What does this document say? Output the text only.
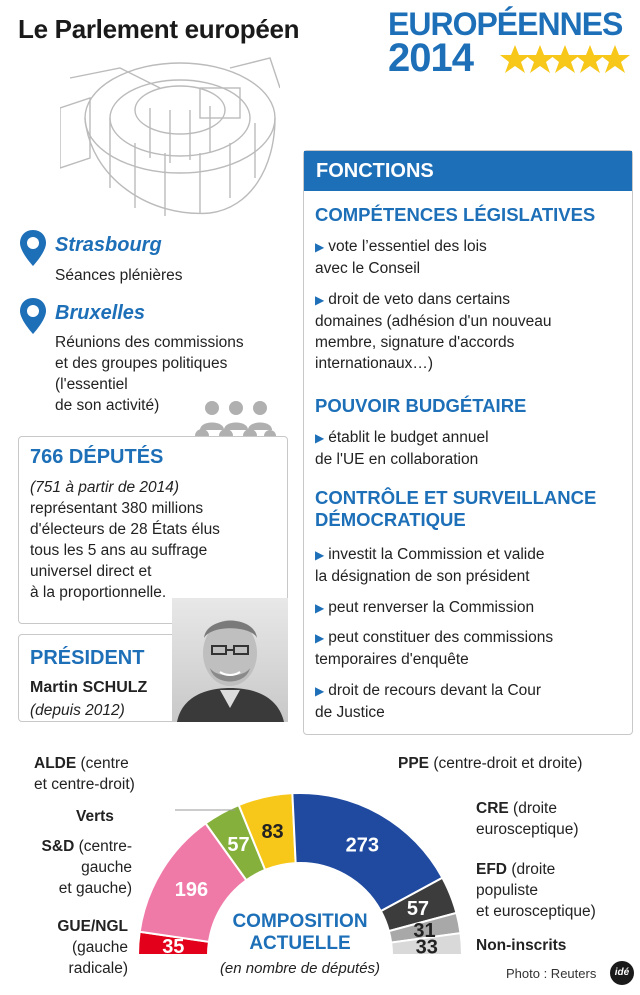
Le Parlement européen	EUROPÉENNES
2014
Strasbourg
Séances plénières
Bruxelles
Réunions des commissions
et des groupes politiques
(l'essentiel
de son activité)
766 DÉPUTÉS
(751 à partir de 2014)
représentant 380 millions
d'électeurs de 28 États élus
tous les 5 ans au suffrage
universel direct et
à la proportionnelle.
PRÉSIDENT
Martin SCHULZ
(depuis 2012)
FONCTIONS
COMPÉTENCES LÉGISLATIVES
▶ vote l’essentiel des lois
avec le Conseil
▶ droit de veto dans certains
domaines (adhésion d'un nouveau
membre, signature d'accords
internationaux…)
POUVOIR BUDGÉTAIRE
▶ établit le budget annuel
de l'UE en collaboration
CONTRÔLE ET SURVEILLANCE
DÉMOCRATIQUE
▶ investit la Commission et valide
la désignation de son président
▶ peut renverser la Commission
▶ peut constituer des commissions
temporaires d'enquête
▶ droit de recours devant la Cour
de Justice
35
196
57
83
273
57
31
33
ALDE (centre
et centre-droit)
Verts
S&D (centre-
gauche
et gauche)
GUE/NGL
(gauche
radicale)
PPE (centre-droit et droite)
CRE (droite
eurosceptique)
EFD (droite
populiste
et eurosceptique)
Non-inscrits
COMPOSITION
ACTUELLE
(en nombre de députés)	Photo : Reuters	idé
